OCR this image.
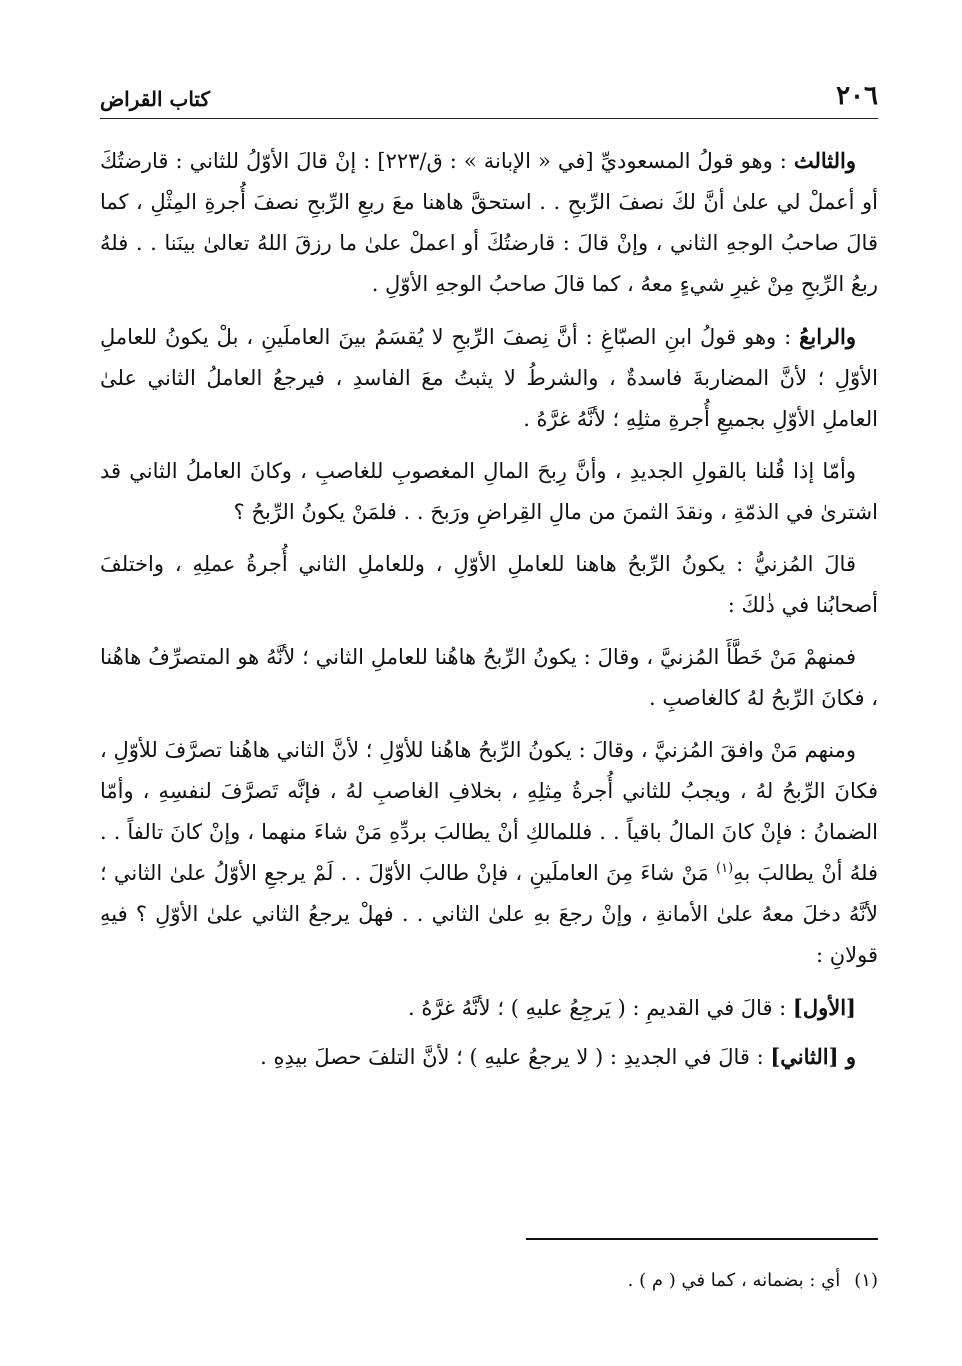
٢٠٦
كتاب القراض

والثالث : وهو قولُ المسعوديِّ [في « الإبانة » : ق/٢٢٣] : إنْ قالَ الأوّلُ للثاني : قارضتُكَ أو أعملْ لي علىٰ أنَّ لكَ نصفَ الرِّبحِ . . استحقَّ هاهنا معَ ربعِ الرِّبحِ نصفَ أُجرةِ المِثْلِ ، كما قالَ صاحبُ الوجهِ الثاني ، وإنْ قالَ : قارضتُكَ أو اعملْ علىٰ ما رزقَ اللهُ تعالىٰ بينَنا . . فلهُ ربعُ الرِّبحِ مِنْ غيرِ شيءٍ معهُ ، كما قالَ صاحبُ الوجهِ الأوّلِ .

والرابعُ : وهو قولُ ابنِ الصبّاغِ : أنَّ نِصفَ الرِّبحِ لا يُقسَمُ بينَ العاملَينِ ، بلْ يكونُ للعاملِ الأوّلِ ؛ لأنَّ المضاربةَ فاسدةٌ ، والشرطُ لا يثبتُ معَ الفاسدِ ، فيرجعُ العاملُ الثاني علىٰ العاملِ الأوّلِ بجميعِ أُجرةِ مثلِهِ ؛ لأنَّهُ غرَّهُ .

وأمّا إذا قُلنا بالقولِ الجديدِ ، وأنَّ رِبحَ المالِ المغصوبِ للغاصبِ ، وكانَ العاملُ الثاني قد اشترىٰ في الذمّةِ ، ونقدَ الثمنَ من مالِ القِراضِ ورَبحَ . . فلمَنْ يكونُ الرِّبحُ ؟

قالَ المُزنيُّ : يكونُ الرِّبحُ هاهنا للعاملِ الأوّلِ ، وللعاملِ الثاني أُجرةُ عملِهِ ، واختلفَ أصحابُنا في ذٰلكَ :

فمنهمْ مَنْ خَطَّأَ المُزنيَّ ، وقالَ : يكونُ الرِّبحُ هاهُنا للعاملِ الثاني ؛ لأنَّهُ هو المتصرِّفُ هاهُنا ، فكانَ الرِّبحُ لهُ كالغاصبِ .

ومنهم مَنْ وافقَ المُزنيَّ ، وقالَ : يكونُ الرِّبحُ هاهُنا للأوّلِ ؛ لأنَّ الثاني هاهُنا تصرَّفَ للأوّلِ ، فكانَ الرِّبحُ لهُ ، ويجبُ للثاني أُجرةُ مِثلِهِ ، بخلافِ الغاصبِ لهُ ، فإنَّه تَصرَّفَ لنفسِهِ ، وأمّا الضمانُ : فإنْ كانَ المالُ باقياً . . فللمالكِ أنْ يطالبَ بردِّهِ مَنْ شاءَ منهما ، وإنْ كانَ تالفاً . . فلهُ أنْ يطالبَ بهِ$^{(١)}$ مَنْ شاءَ مِنَ العاملَينِ ، فإنْ طالبَ الأوّلَ . . لَمْ يرجعِ الأوّلُ علىٰ الثاني ؛ لأنَّهُ دخلَ معهُ علىٰ الأمانةِ ، وإنْ رجعَ بهِ علىٰ الثاني . . فهلْ يرجعُ الثاني علىٰ الأوّلِ ؟ فيهِ قولانِ :

[الأول] : قالَ في القديمِ : ( يَرجِعُ عليهِ ) ؛ لأنَّهُ غرَّهُ .

و [الثاني] : قالَ في الجديدِ : ( لا يرجعُ عليهِ ) ؛ لأنَّ التلفَ حصلَ بيدِهِ .

(١)أي : بضمانه ، كما في ( م ) .
